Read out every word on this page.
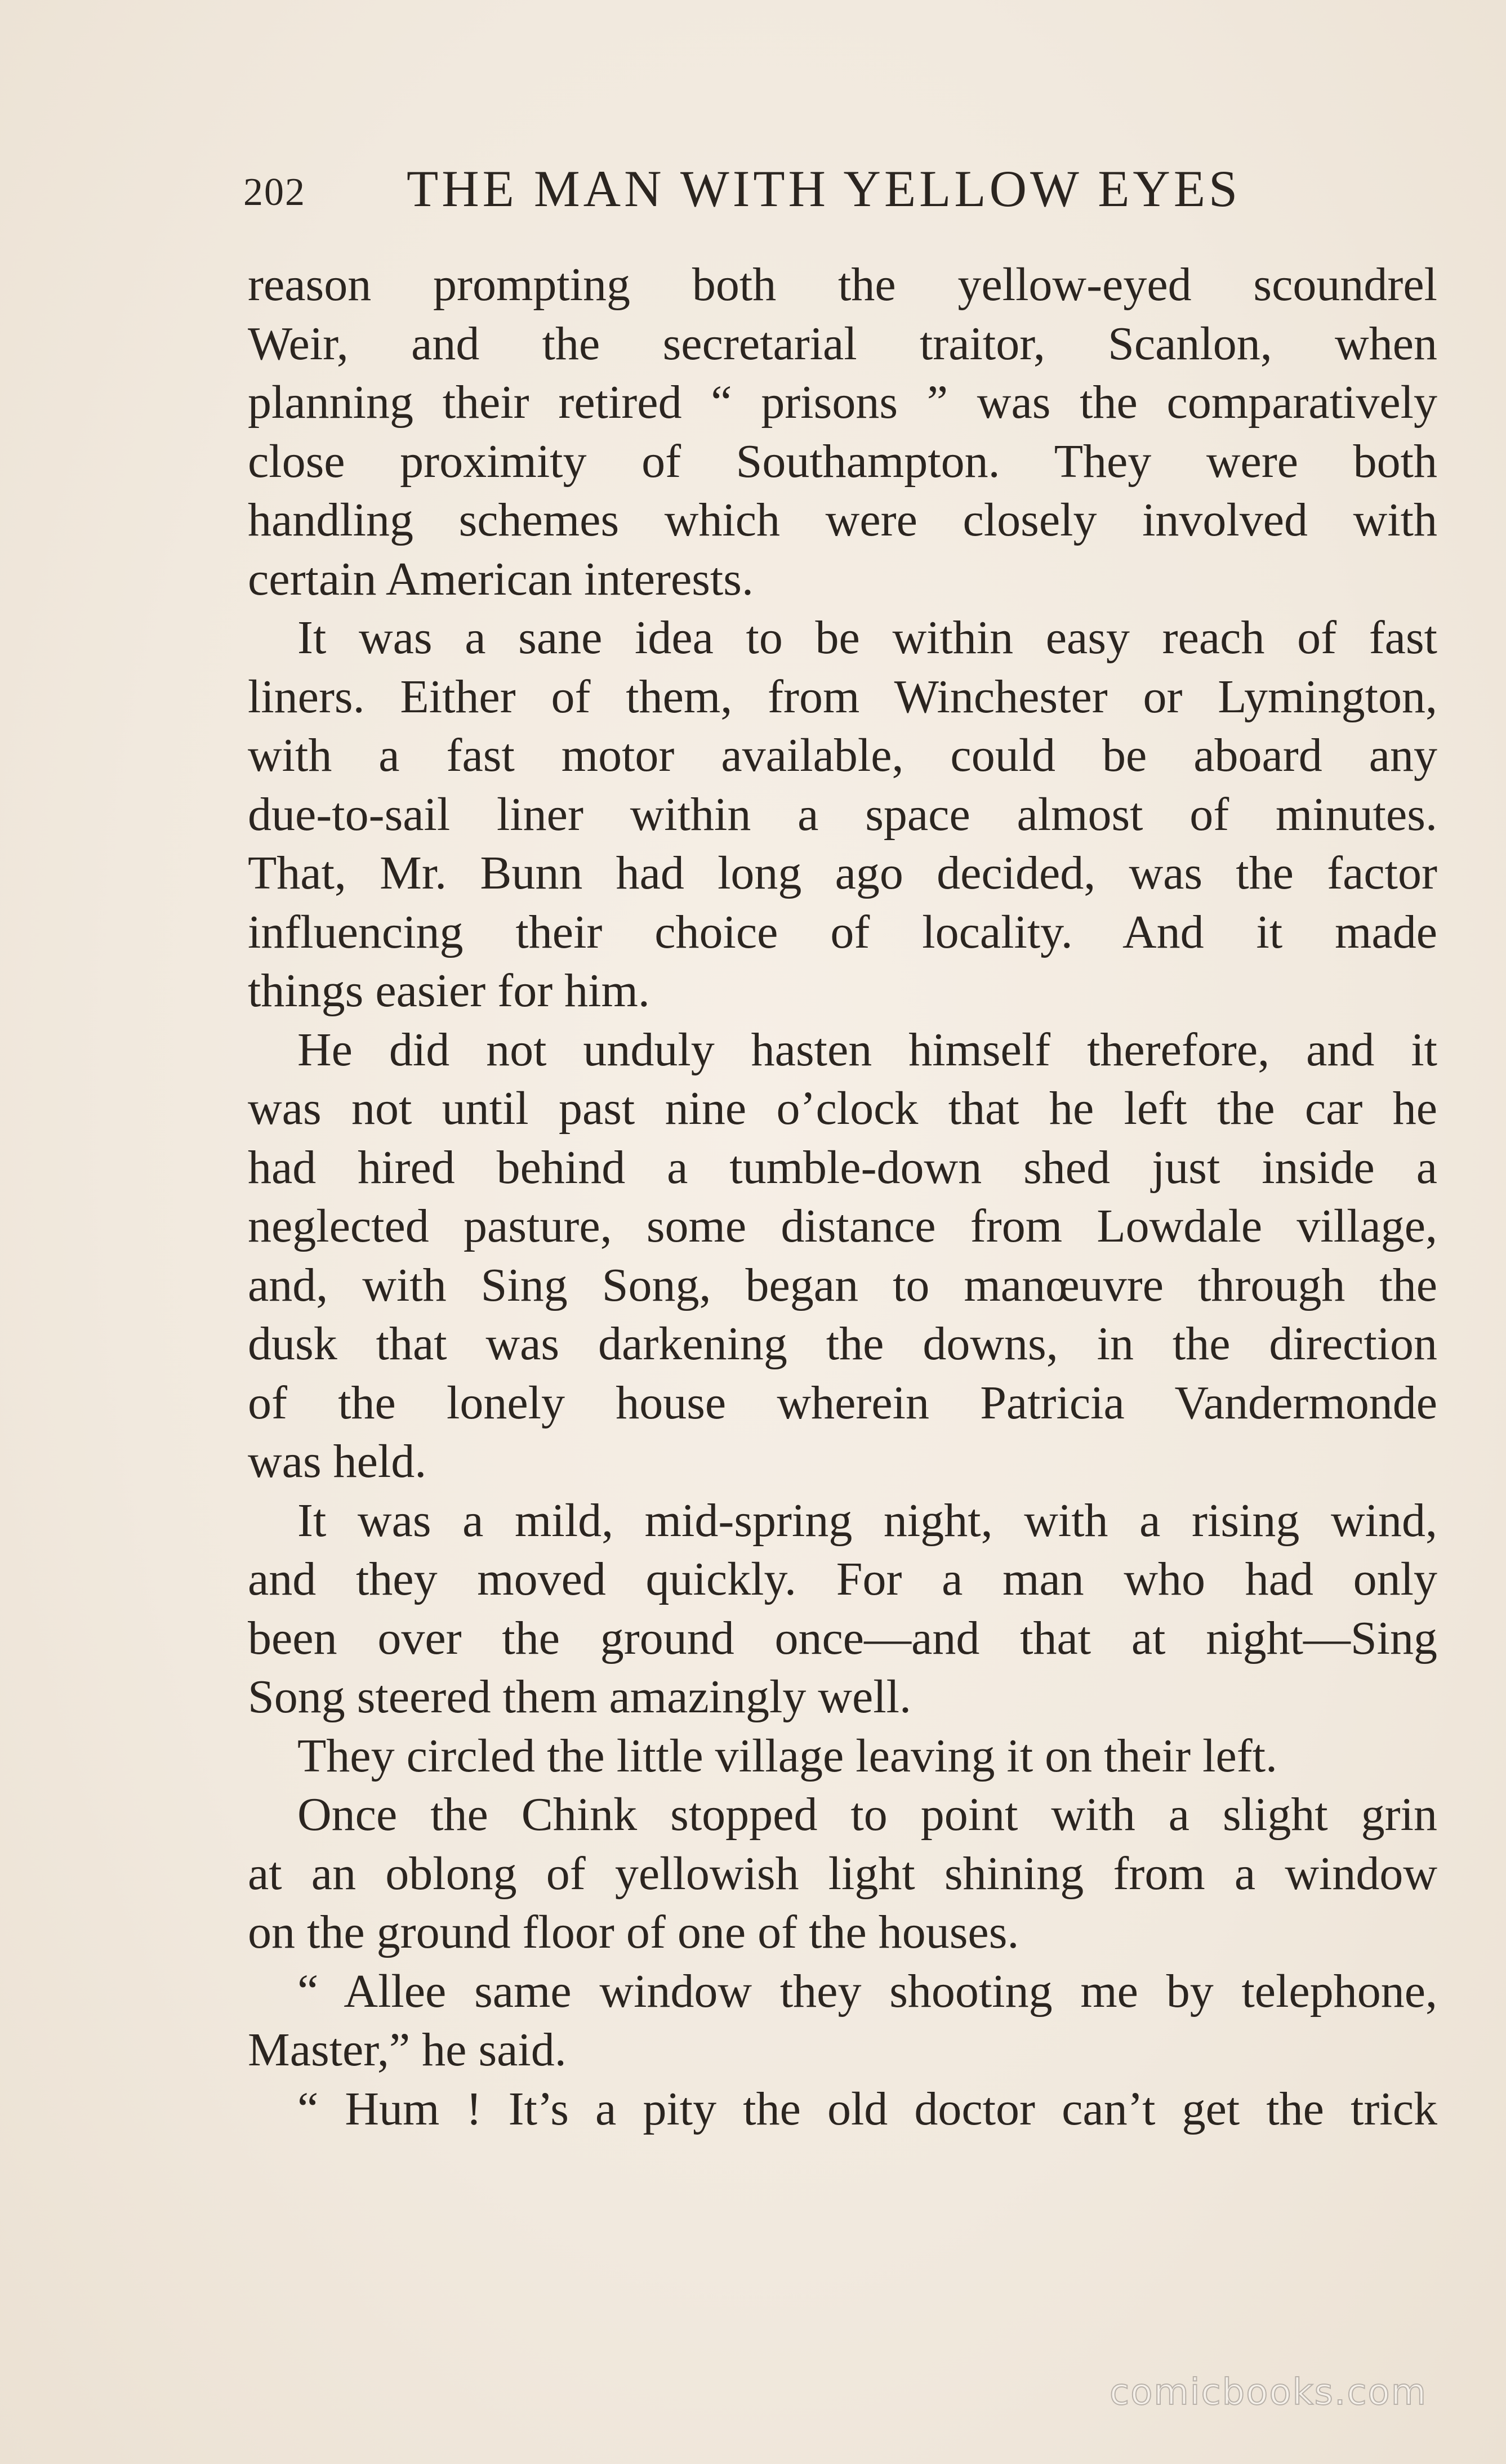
202 THE MAN WITH YELLOW EYES
reason prompting both the yellow-eyed scoundrel
Weir, and the secretarial traitor, Scanlon, when
planning their retired “ prisons ” was the comparatively
close proximity of Southampton. They were both
handling schemes which were closely involved with
certain American interests.
It was a sane idea to be within easy reach of fast
liners. Either of them, from Winchester or Lymington,
with a fast motor available, could be aboard any
due-to-sail liner within a space almost of minutes.
That, Mr. Bunn had long ago decided, was the factor
influencing their choice of locality. And it made
things easier for him.
He did not unduly hasten himself therefore, and it
was not until past nine o’clock that he left the car he
had hired behind a tumble-down shed just inside a
neglected pasture, some distance from Lowdale village,
and, with Sing Song, began to manœuvre through the
dusk that was darkening the downs, in the direction
of the lonely house wherein Patricia Vandermonde
was held.
It was a mild, mid-spring night, with a rising wind,
and they moved quickly. For a man who had only
been over the ground once—and that at night—Sing
Song steered them amazingly well.
They circled the little village leaving it on their left.
Once the Chink stopped to point with a slight grin
at an oblong of yellowish light shining from a window
on the ground floor of one of the houses.
“ Allee same window they shooting me by telephone,
Master,” he said.
“ Hum ! It’s a pity the old doctor can’t get the trick
comicbooks.com
